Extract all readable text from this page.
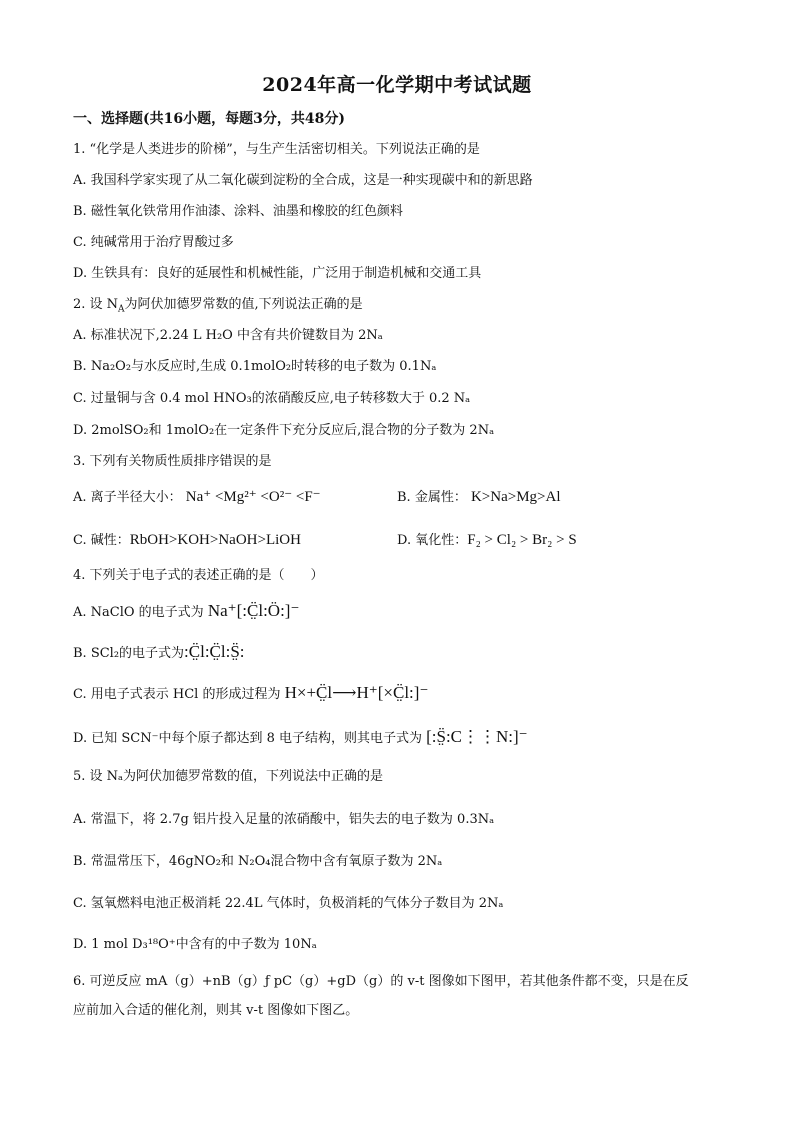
2024年高一化学期中考试试题
一、选择题(共16小题，每题3分，共48分)
1. “化学是人类进步的阶梯”，与生产生活密切相关。下列说法正确的是
A. 我国科学家实现了从二氧化碳到淀粉的全合成，这是一种实现碳中和的新思路
B. 磁性氧化铁常用作油漆、涂料、油墨和橡胶的红色颜料
C. 纯碱常用于治疗胃酸过多
D. 生铁具有：良好的延展性和机械性能，广泛用于制造机械和交通工具
2. 设 $N_A$为阿伏加德罗常数的值,下列说法正确的是
A. 标准状况下,2.24 L H₂O 中含有共价键数目为 2Nₐ
B. Na₂O₂与水反应时,生成 0.1molO₂时转移的电子数为 0.1Nₐ
C. 过量铜与含 0.4 mol HNO₃的浓硝酸反应,电子转移数大于 0.2 Nₐ
D. 2molSO₂和 1molO₂在一定条件下充分反应后,混合物的分子数为 2Nₐ
3. 下列有关物质性质排序错误的是
A. 离子半径大小： Na⁺ <Mg²⁺ <O²⁻ <F⁻	B. 金属性： K>Na>Mg>Al
C. 碱性：RbOH>KOH>NaOH>LiOH	D. 氧化性：F₂ > Cl₂ > Br₂ > S
4. 下列关于电子式的表述正确的是（　　）
A. NaClO 的电子式为 Na⁺[:C̤̈l:Ö:]⁻
B. SCl₂的电子式为:C̤̈l:C̤̈l:S̤̈:
C. 用电子式表示 HCl 的形成过程为 H×+C̤̈l⟶H⁺[×C̤̈l:]⁻
D. 已知 SCN⁻中每个原子都达到 8 电子结构，则其电子式为 [:S̤̈:C⋮⋮N:]⁻
5. 设 Nₐ为阿伏加德罗常数的值，下列说法中正确的是
A. 常温下，将 2.7g 铝片投入足量的浓硝酸中，铝失去的电子数为 0.3Nₐ
B. 常温常压下，46gNO₂和 N₂O₄混合物中含有氧原子数为 2Nₐ
C. 氢氧燃料电池正极消耗 22.4L 气体时，负极消耗的气体分子数目为 2Nₐ
D. 1 mol D₃¹⁸O⁺中含有的中子数为 10Nₐ
6. 可逆反应 mA（g）+nB（g）ƒ pC（g）+gD（g）的 v-t 图像如下图甲，若其他条件都不变，只是在反
应前加入合适的催化剂，则其 v-t 图像如下图乙。
